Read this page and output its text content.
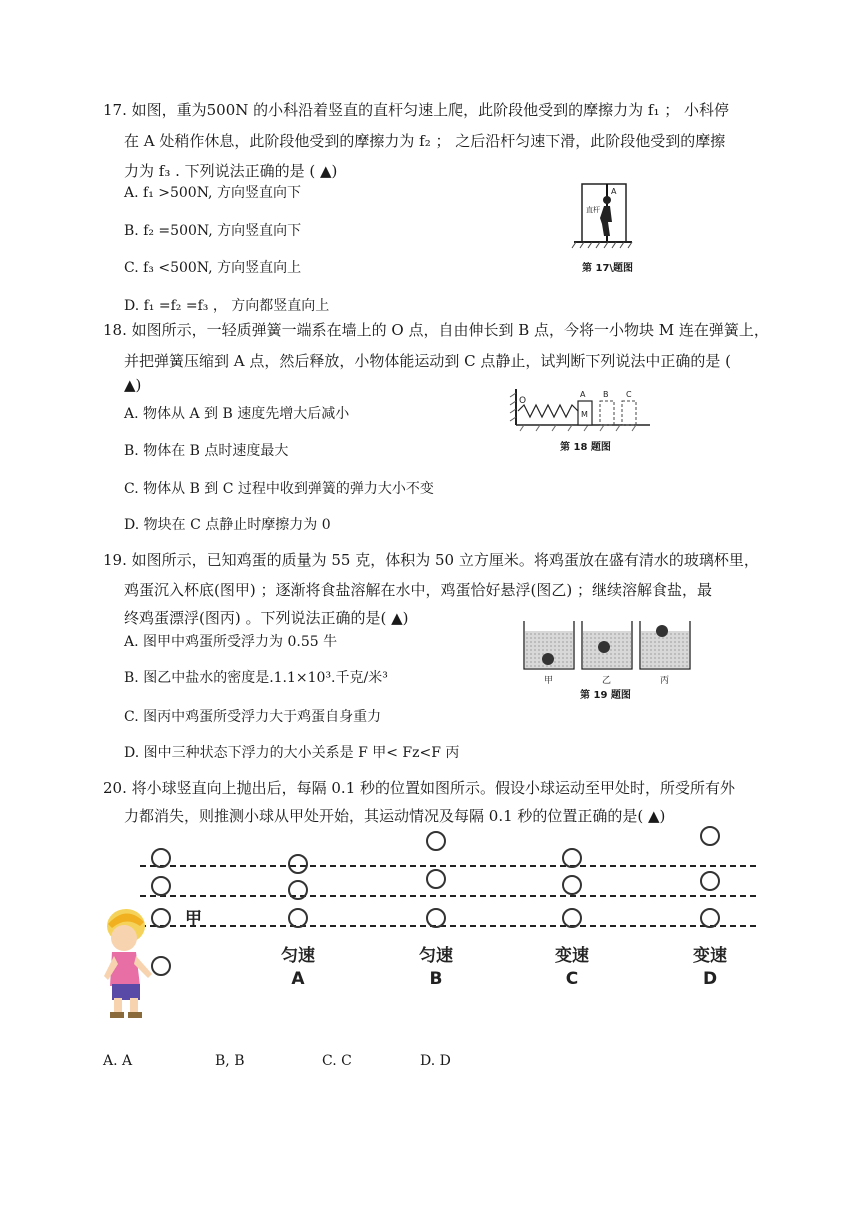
17. 如图，重为500N 的小科沿着竖直的直杆匀速上爬，此阶段他受到的摩擦力为 f₁ ； 小科停
在 A 处稍作休息，此阶段他受到的摩擦力为 f₂ ； 之后沿杆匀速下滑，此阶段他受到的摩擦
力为 f₃ . 下列说法正确的是 ( ▲)
A. f₁ >500N, 方向竖直向下
B. f₂ =500N, 方向竖直向下
C. f₃ <500N, 方向竖直向上
D. f₁ =f₂ =f₃ ， 方向都竖直向上
A
直杆
第 17\题图
18. 如图所示，一轻质弹簧一端系在墙上的 O 点，自由伸长到 B 点，今将一小物块 M 连在弹簧上，
并把弹簧压缩到 A 点，然后释放，小物体能运动到 C 点静止，试判断下列说法中正确的是 (
▲)
A. 物体从 A 到 B 速度先增大后减小
B. 物体在 B 点时速度最大
C. 物体从 B 到 C 过程中收到弹簧的弹力大小不变
D. 物块在 C 点静止时摩擦力为 0
O
A B C
M
第 18 题图
19. 如图所示，已知鸡蛋的质量为 55 克，体积为 50 立方厘米。将鸡蛋放在盛有清水的玻璃杯里，
鸡蛋沉入杯底(图甲) ；逐渐将食盐溶解在水中，鸡蛋恰好悬浮(图乙) ；继续溶解食盐，最
终鸡蛋漂浮(图丙) 。下列说法正确的是( ▲)
A. 图甲中鸡蛋所受浮力为 0.55 牛
B. 图乙中盐水的密度是.1.1×10³.千克/米³
C. 图丙中鸡蛋所受浮力大于鸡蛋自身重力
D. 图中三种状态下浮力的大小关系是 F 甲< Fz<F 丙
甲	乙	丙
第 19 题图
20. 将小球竖直向上抛出后，每隔 0.1 秒的位置如图所示。假设小球运动至甲处时，所受所有外
力都消失，则推测小球从甲处开始，其运动情况及每隔 0.1 秒的位置正确的是( ▲)
甲
匀速
A
匀速
B
变速
C
变速
D
A. A	B, B	C. C	D. D
